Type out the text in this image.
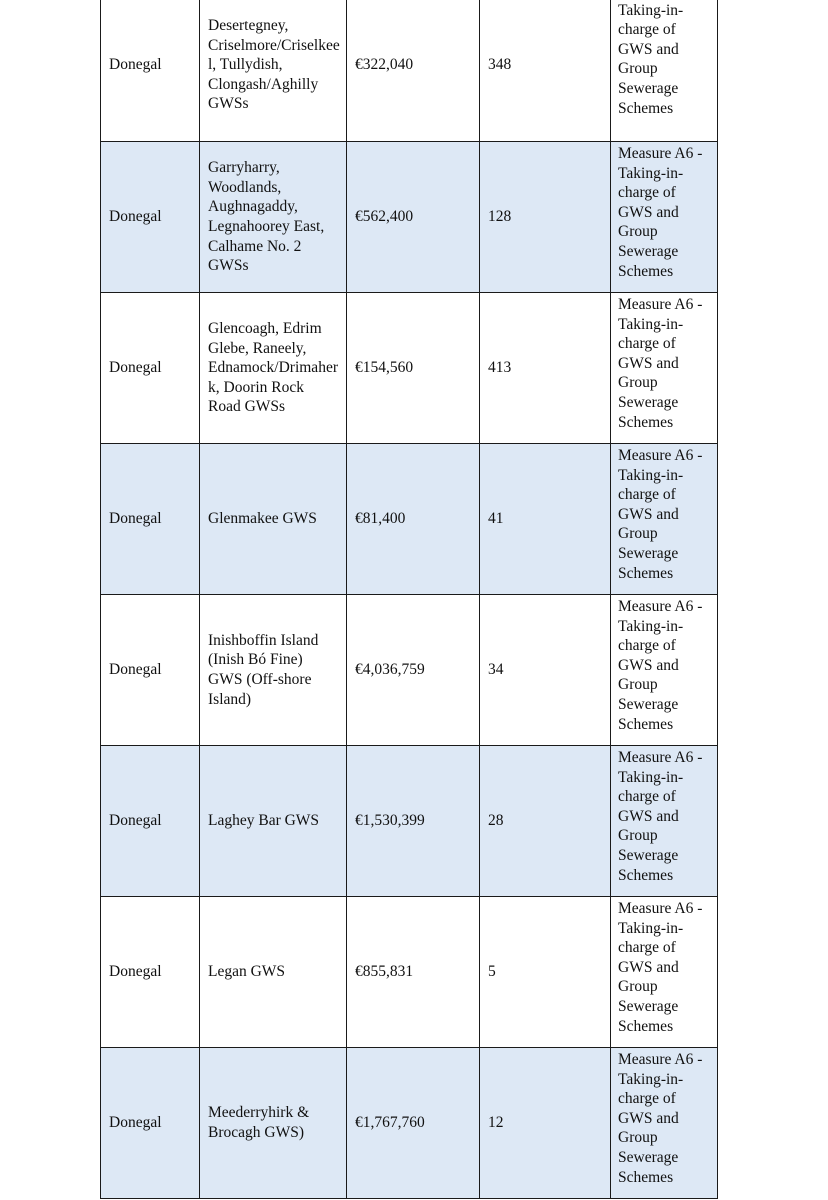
Donegal	Desertegney, Criselmore/Criselkeel, Tullydish, Clongash/Aghilly GWSs	€322,040	348	Taking-in-charge of GWS and Group Sewerage Schemes

Donegal	Garryharry, Woodlands, Aughnagaddy, Legnahoorey East, Calhame No. 2 GWSs	€562,400	128	Measure A6 - Taking-in-charge of GWS and Group Sewerage Schemes

Donegal	Glencoagh, Edrim Glebe, Raneely, Ednamock/Drimaherk, Doorin Rock Road GWSs	€154,560	413	Measure A6 - Taking-in-charge of GWS and Group Sewerage Schemes

Donegal	Glenmakee GWS	€81,400	41	Measure A6 - Taking-in-charge of GWS and Group Sewerage Schemes

Donegal	Inishboffin Island (Inish Bó Fine) GWS (Off-shore Island)	€4,036,759	34	Measure A6 - Taking-in-charge of GWS and Group Sewerage Schemes

Donegal	Laghey Bar GWS	€1,530,399	28	Measure A6 - Taking-in-charge of GWS and Group Sewerage Schemes

Donegal	Legan GWS	€855,831	5	Measure A6 - Taking-in-charge of GWS and Group Sewerage Schemes

Donegal	Meederryhirk & Brocagh GWS)	€1,767,760	12	Measure A6 - Taking-in-charge of GWS and Group Sewerage Schemes
